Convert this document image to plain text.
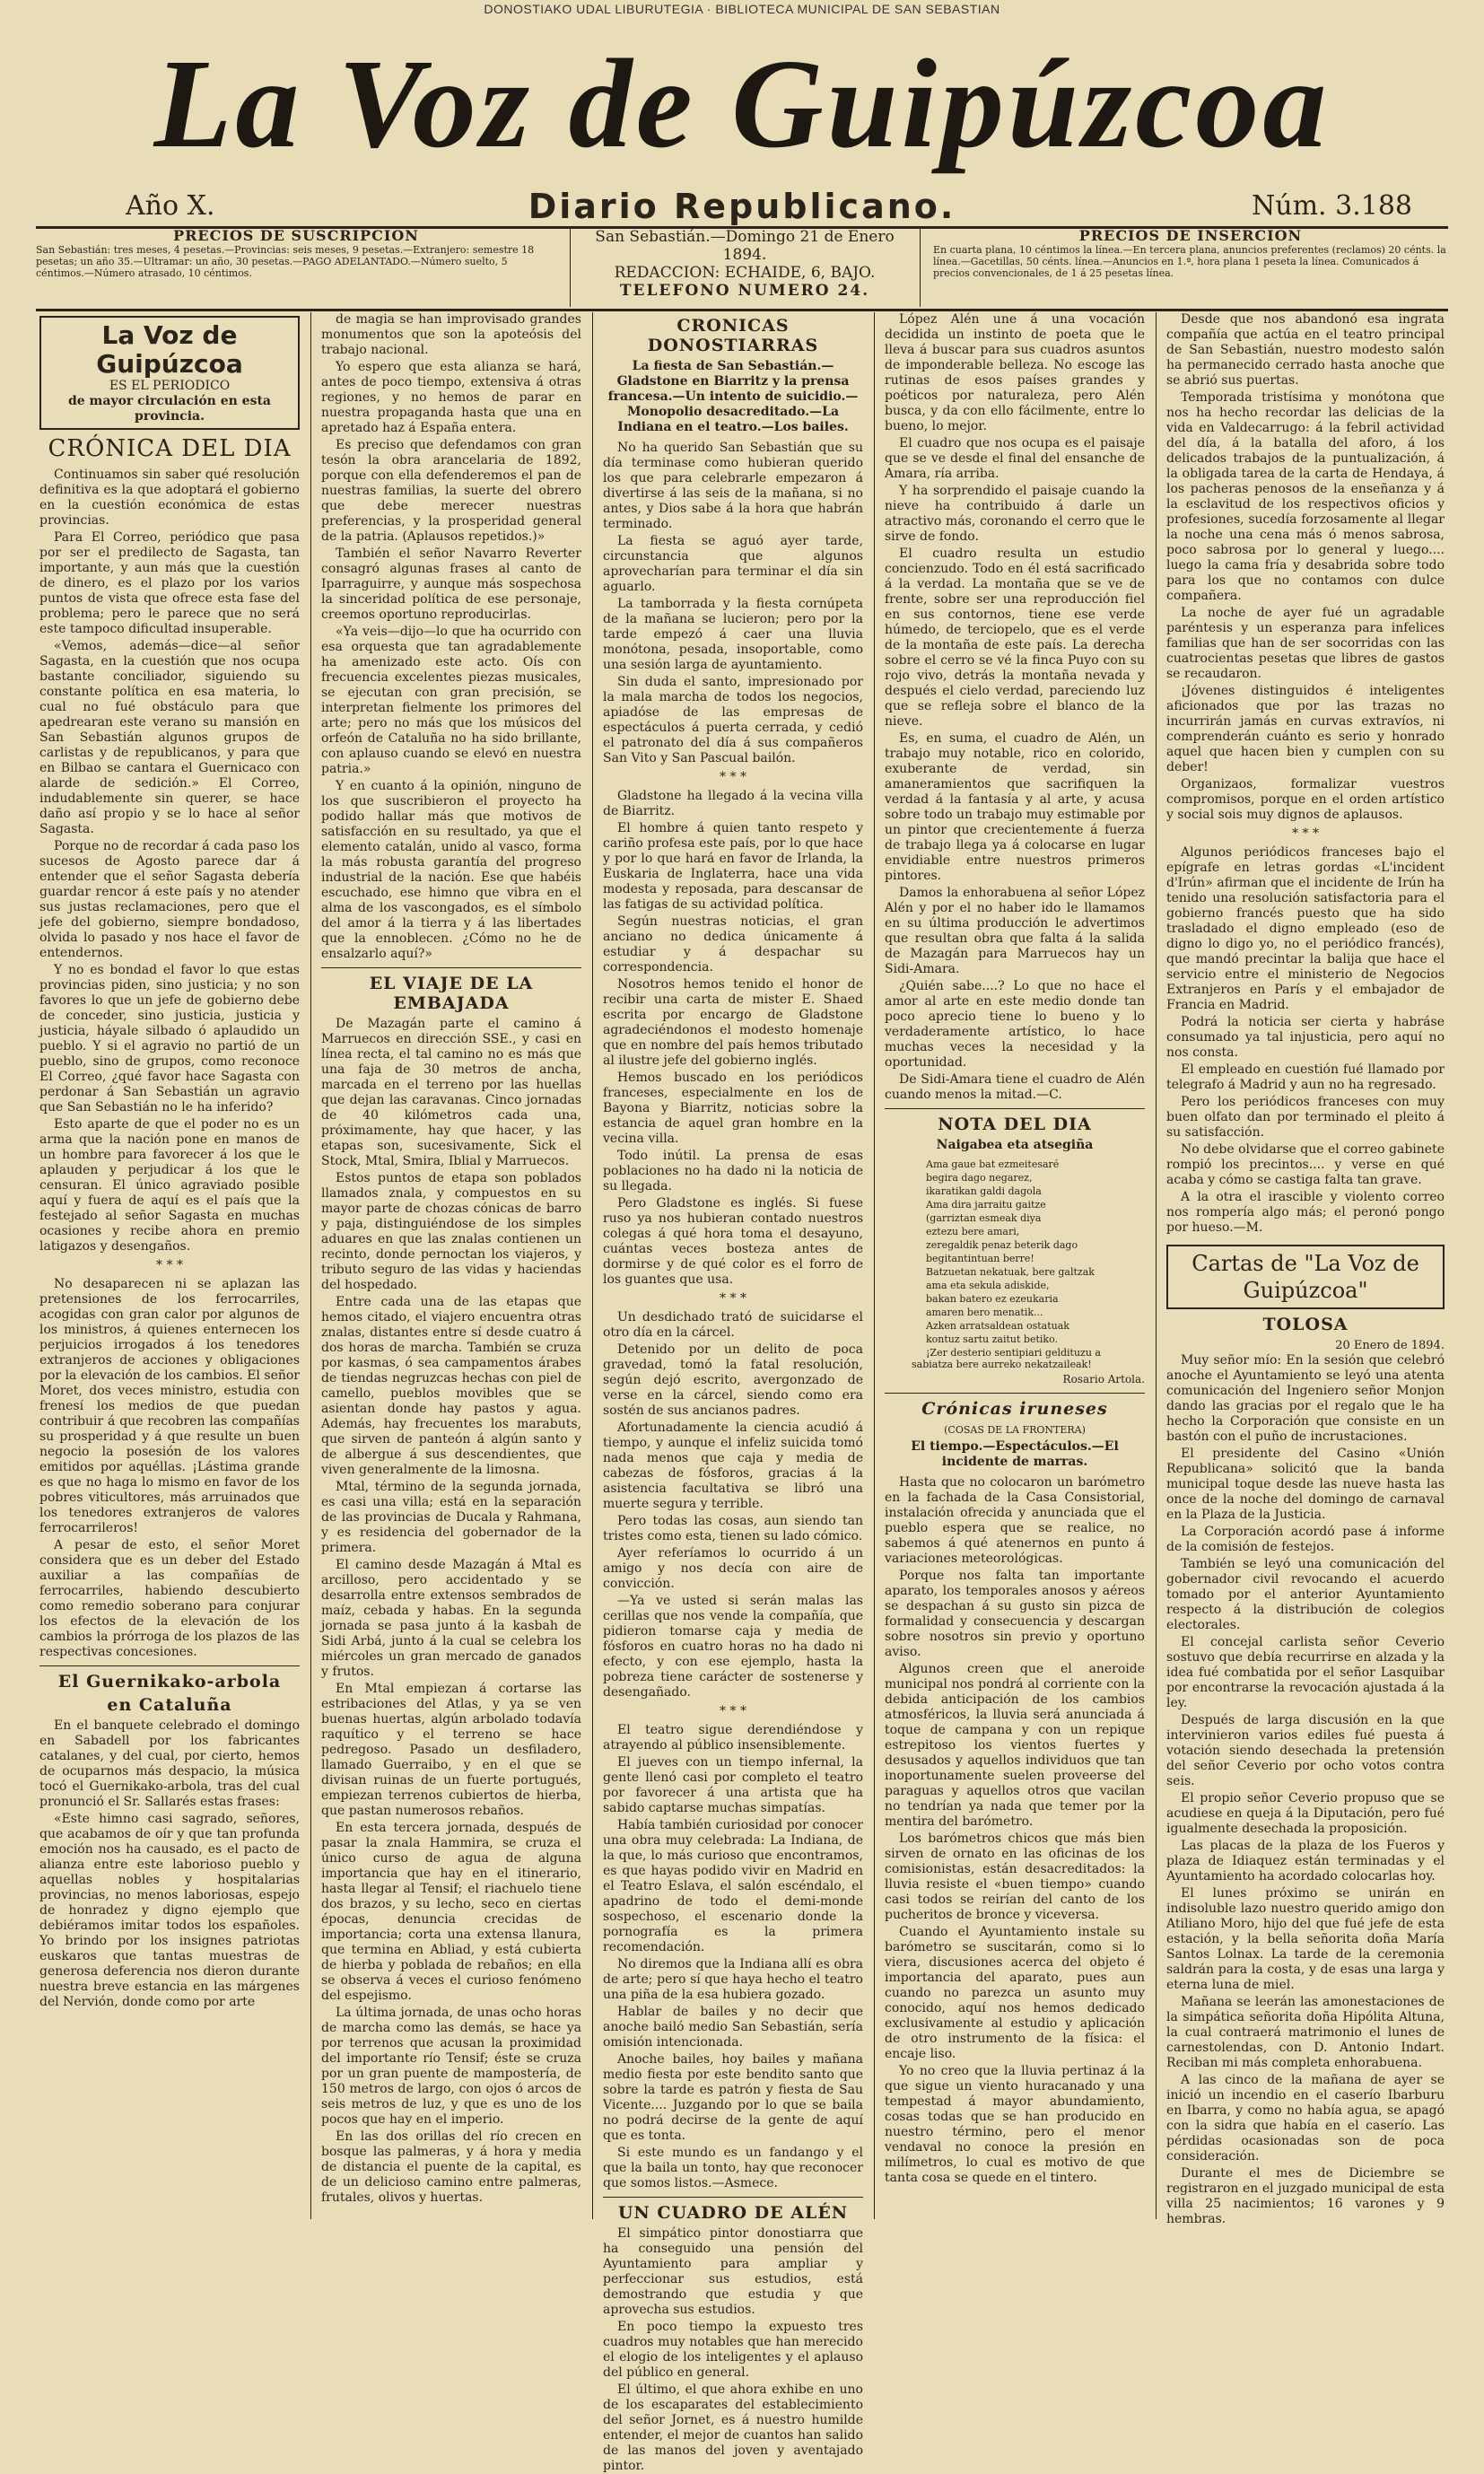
DONOSTIAKO UDAL LIBURUTEGIA · BIBLIOTECA MUNICIPAL DE SAN SEBASTIAN
La Voz de Guipúzcoa
Año X.	Diario Republicano.	Núm. 3.188
PRECIOS DE SUSCRIPCION
San Sebastián: tres meses, 4 pesetas.—Provincias: seis meses, 9 pesetas.—Extranjero: semestre 18 pesetas; un año 35.—Ultramar: un año, 30 pesetas.—PAGO ADELANTADO.—Número suelto, 5 céntimos.—Número atrasado, 10 céntimos.
San Sebastián.—Domingo 21 de Enero 1894.
REDACCION: ECHAIDE, 6, BAJO.
TELEFONO NUMERO 24.
PRECIOS DE INSERCION
En cuarta plana, 10 céntimos la línea.—En tercera plana, anuncios preferentes (reclamos) 20 cénts. la línea.—Gacetillas, 50 cénts. línea.—Anuncios en 1.ª, hora plana 1 peseta la línea. Comunicados á precios convencionales, de 1 á 25 pesetas línea.
La Voz de Guipúzcoa
ES EL PERIODICO
de mayor circulación en esta provincia.
CRÓNICA DEL DIA

Continuamos sin saber qué resolución definitiva es la que adoptará el gobierno en la cuestión económica de estas provincias.

Para El Correo, periódico que pasa por ser el predilecto de Sagasta, tan importante, y aun más que la cuestión de dinero, es el plazo por los varios puntos de vista que ofrece esta fase del problema; pero le parece que no será este tampoco dificultad insuperable.

«Vemos, además—dice—al señor Sagasta, en la cuestión que nos ocupa bastante conciliador, siguiendo su constante política en esa materia, lo cual no fué obstáculo para que apedrearan este verano su mansión en San Sebastián algunos grupos de carlistas y de republicanos, y para que en Bilbao se cantara el Guernicaco con alarde de sedición.» El Correo, indudablemente sin querer, se hace daño así propio y se lo hace al señor Sagasta.

Porque no de recordar á cada paso los sucesos de Agosto parece dar á entender que el señor Sagasta debería guardar rencor á este país y no atender sus justas reclamaciones, pero que el jefe del gobierno, siempre bondadoso, olvida lo pasado y nos hace el favor de entendernos.

Y no es bondad el favor lo que estas provincias piden, sino justicia; y no son favores lo que un jefe de gobierno debe de conceder, sino justicia, justicia y justicia, háyale silbado ó aplaudido un pueblo. Y si el agravio no partió de un pueblo, sino de grupos, como reconoce El Correo, ¿qué favor hace Sagasta con perdonar á San Sebastián un agravio que San Sebastián no le ha inferido?

Esto aparte de que el poder no es un arma que la nación pone en manos de un hombre para favorecer á los que le aplauden y perjudicar á los que le censuran. El único agraviado posible aquí y fuera de aquí es el país que la festejado al señor Sagasta en muchas ocasiones y recibe ahora en premio latigazos y desengaños.

* * *

No desaparecen ni se aplazan las pretensiones de los ferrocarriles, acogidas con gran calor por algunos de los ministros, á quienes enternecen los perjuicios irrogados á los tenedores extranjeros de acciones y obligaciones por la elevación de los cambios. El señor Moret, dos veces ministro, estudia con frenesí los medios de que puedan contribuir á que recobren las compañías su prosperidad y á que resulte un buen negocio la posesión de los valores emitidos por aquéllas. ¡Lástima grande es que no haga lo mismo en favor de los pobres viticultores, más arruinados que los tenedores extranjeros de valores ferrocarrileros!

A pesar de esto, el señor Moret considera que es un deber del Estado auxiliar a las compañías de ferrocarriles, habiendo descubierto como remedio soberano para conjurar los efectos de la elevación de los cambios la prórroga de los plazos de las respectivas concesiones.

El Guernikako-arbola
en Cataluña

En el banquete celebrado el domingo en Sabadell por los fabricantes catalanes, y del cual, por cierto, hemos de ocuparnos más despacio, la música tocó el Guernikako-arbola, tras del cual pronunció el Sr. Sallarés estas frases:

«Este himno casi sagrado, señores, que acabamos de oír y que tan profunda emoción nos ha causado, es el pacto de alianza entre este laborioso pueblo y aquellas nobles y hospitalarias provincias, no menos laboriosas, espejo de honradez y digno ejemplo que debiéramos imitar todos los españoles. Yo brindo por los insignes patriotas euskaros que tantas muestras de generosa deferencia nos dieron durante nuestra breve estancia en las márgenes del Nervión, donde como por arte

de magia se han improvisado grandes monumentos que son la apoteósis del trabajo nacional.

Yo espero que esta alianza se hará, antes de poco tiempo, extensiva á otras regiones, y no hemos de parar en nuestra propaganda hasta que una en apretado haz á España entera.

Es preciso que defendamos con gran tesón la obra arancelaria de 1892, porque con ella defenderemos el pan de nuestras familias, la suerte del obrero que debe merecer nuestras preferencias, y la prosperidad general de la patria. (Aplausos repetidos.)»

También el señor Navarro Reverter consagró algunas frases al canto de Iparraguirre, y aunque más sospechosa la sinceridad política de ese personaje, creemos oportuno reproducirlas.

«Ya veis—dijo—lo que ha ocurrido con esa orquesta que tan agradablemente ha amenizado este acto. Oís con frecuencia excelentes piezas musicales, se ejecutan con gran precisión, se interpretan fielmente los primores del arte; pero no más que los músicos del orfeón de Cataluña no ha sido brillante, con aplauso cuando se elevó en nuestra patria.»

Y en cuanto á la opinión, ninguno de los que suscribieron el proyecto ha podido hallar más que motivos de satisfacción en su resultado, ya que el elemento catalán, unido al vasco, forma la más robusta garantía del progreso industrial de la nación. Ese que habéis escuchado, ese himno que vibra en el alma de los vascongados, es el símbolo del amor á la tierra y á las libertades que la ennoblecen. ¿Cómo no he de ensalzarlo aquí?»

EL VIAJE DE LA EMBAJADA

De Mazagán parte el camino á Marruecos en dirección SSE., y casi en línea recta, el tal camino no es más que una faja de 30 metros de ancha, marcada en el terreno por las huellas que dejan las caravanas. Cinco jornadas de 40 kilómetros cada una, próximamente, hay que hacer, y las etapas son, sucesivamente, Sick el Stock, Mtal, Smira, Iblial y Marruecos.

Estos puntos de etapa son poblados llamados znala, y compuestos en su mayor parte de chozas cónicas de barro y paja, distinguiéndose de los simples aduares en que las znalas contienen un recinto, donde pernoctan los viajeros, y tributo seguro de las vidas y haciendas del hospedado.

Entre cada una de las etapas que hemos citado, el viajero encuentra otras znalas, distantes entre sí desde cuatro á dos horas de marcha. También se cruza por kasmas, ó sea campamentos árabes de tiendas negruzcas hechas con piel de camello, pueblos movibles que se asientan donde hay pastos y agua. Además, hay frecuentes los marabuts, que sirven de panteón á algún santo y de albergue á sus descendientes, que viven generalmente de la limosna.

Mtal, término de la segunda jornada, es casi una villa; está en la separación de las provincias de Ducala y Rahmana, y es residencia del gobernador de la primera.

El camino desde Mazagán á Mtal es arcilloso, pero accidentado y se desarrolla entre extensos sembrados de maíz, cebada y habas. En la segunda jornada se pasa junto á la kasbah de Sidi Arbá, junto á la cual se celebra los miércoles un gran mercado de ganados y frutos.

En Mtal empiezan á cortarse las estribaciones del Atlas, y ya se ven buenas huertas, algún arbolado todavía raquítico y el terreno se hace pedregoso. Pasado un desfiladero, llamado Guerraibo, y en el que se divisan ruinas de un fuerte portugués, empiezan terrenos cubiertos de hierba, que pastan numerosos rebaños.

En esta tercera jornada, después de pasar la znala Hammira, se cruza el único curso de agua de alguna importancia que hay en el itinerario, hasta llegar al Tensif; el riachuelo tiene dos brazos, y su lecho, seco en ciertas épocas, denuncia crecidas de importancia; corta una extensa llanura, que termina en Abliad, y está cubierta de hierba y poblada de rebaños; en ella se observa á veces el curioso fenómeno del espejismo.

La última jornada, de unas ocho horas de marcha como las demás, se hace ya por terrenos que acusan la proximidad del importante río Tensif; éste se cruza por un gran puente de mampostería, de 150 metros de largo, con ojos ó arcos de seis metros de luz, y que es uno de los pocos que hay en el imperio.

En las dos orillas del río crecen en bosque las palmeras, y á hora y media de distancia el puente de la capital, es de un delicioso camino entre palmeras, frutales, olivos y huertas.

CRONICAS DONOSTIARRAS
La fiesta de San Sebastián.—Gladstone en Biarritz y la prensa francesa.—Un intento de suicidio.—Monopolio desacreditado.—La Indiana en el teatro.—Los bailes.

No ha querido San Sebastián que su día terminase como hubieran querido los que para celebrarle empezaron á divertirse á las seis de la mañana, si no antes, y Dios sabe á la hora que habrán terminado.

La fiesta se aguó ayer tarde, circunstancia que algunos aprovecharían para terminar el día sin aguarlo.

La tamborrada y la fiesta cornúpeta de la mañana se lucieron; pero por la tarde empezó á caer una lluvia monótona, pesada, insoportable, como una sesión larga de ayuntamiento.

Sin duda el santo, impresionado por la mala marcha de todos los negocios, apiadóse de las empresas de espectáculos á puerta cerrada, y cedió el patronato del día á sus compañeros San Vito y San Pascual bailón.

* * *

Gladstone ha llegado á la vecina villa de Biarritz.

El hombre á quien tanto respeto y cariño profesa este país, por lo que hace y por lo que hará en favor de Irlanda, la Euskaria de Inglaterra, hace una vida modesta y reposada, para descansar de las fatigas de su actividad política.

Según nuestras noticias, el gran anciano no dedica únicamente á estudiar y á despachar su correspondencia.

Nosotros hemos tenido el honor de recibir una carta de mister E. Shaed escrita por encargo de Gladstone agradeciéndonos el modesto homenaje que en nombre del país hemos tributado al ilustre jefe del gobierno inglés.

Hemos buscado en los periódicos franceses, especialmente en los de Bayona y Biarritz, noticias sobre la estancia de aquel gran hombre en la vecina villa.

Todo inútil. La prensa de esas poblaciones no ha dado ni la noticia de su llegada.

Pero Gladstone es inglés. Si fuese ruso ya nos hubieran contado nuestros colegas á qué hora toma el desayuno, cuántas veces bosteza antes de dormirse y de qué color es el forro de los guantes que usa.

* * *

Un desdichado trató de suicidarse el otro día en la cárcel.

Detenido por un delito de poca gravedad, tomó la fatal resolución, según dejó escrito, avergonzado de verse en la cárcel, siendo como era sostén de sus ancianos padres.

Afortunadamente la ciencia acudió á tiempo, y aunque el infeliz suicida tomó nada menos que caja y media de cabezas de fósforos, gracias á la asistencia facultativa se libró una muerte segura y terrible.

Pero todas las cosas, aun siendo tan tristes como esta, tienen su lado cómico.

Ayer referíamos lo ocurrido á un amigo y nos decía con aire de convicción.

—Ya ve usted si serán malas las cerillas que nos vende la compañía, que pidieron tomarse caja y media de fósforos en cuatro horas no ha dado ni efecto, y con ese ejemplo, hasta la pobreza tiene carácter de sostenerse y desengañado.

* * *

El teatro sigue derendiéndose y atrayendo al público insensiblemente.

El jueves con un tiempo infernal, la gente llenó casi por completo el teatro por favorecer á una artista que ha sabido captarse muchas simpatías.

Había también curiosidad por conocer una obra muy celebrada: La Indiana, de la que, lo más curioso que encontramos, es que hayas podido vivir en Madrid en el Teatro Eslava, el salón escéndalo, el apadrino de todo el demi-monde sospechoso, el escenario donde la pornografía es la primera recomendación.

No diremos que la Indiana allí es obra de arte; pero sí que haya hecho el teatro una piña de la esa hubiera gozado.

Hablar de bailes y no decir que anoche bailó medio San Sebastián, sería omisión intencionada.

Anoche bailes, hoy bailes y mañana medio fiesta por este bendito santo que sobre la tarde es patrón y fiesta de Sau Vicente.... Juzgando por lo que se baila no podrá decirse de la gente de aquí que es tonta.

Si este mundo es un fandango y el que la baila un tonto, hay que reconocer que somos listos.—Asmece.

UN CUADRO DE ALÉN

El simpático pintor donostiarra que ha conseguido una pensión del Ayuntamiento para ampliar y perfeccionar sus estudios, está demostrando que estudia y que aprovecha sus estudios.

En poco tiempo la expuesto tres cuadros muy notables que han merecido el elogio de los inteligentes y el aplauso del público en general.

El último, el que ahora exhibe en uno de los escaparates del establecimiento del señor Jornet, es á nuestro humilde entender, el mejor de cuantos han salido de las manos del joven y aventajado pintor.

López Alén une á una vocación decidida un instinto de poeta que le lleva á buscar para sus cuadros asuntos de imponderable belleza. No escoge las rutinas de esos países grandes y poéticos por naturaleza, pero Alén busca, y da con ello fácilmente, entre lo bueno, lo mejor.

El cuadro que nos ocupa es el paisaje que se ve desde el final del ensanche de Amara, ría arriba.

Y ha sorprendido el paisaje cuando la nieve ha contribuido á darle un atractivo más, coronando el cerro que le sirve de fondo.

El cuadro resulta un estudio concienzudo. Todo en él está sacrificado á la verdad. La montaña que se ve de frente, sobre ser una reproducción fiel en sus contornos, tiene ese verde húmedo, de terciopelo, que es el verde de la montaña de este país. La derecha sobre el cerro se vé la finca Puyo con su rojo vivo, detrás la montaña nevada y después el cielo verdad, pareciendo luz que se refleja sobre el blanco de la nieve.

Es, en suma, el cuadro de Alén, un trabajo muy notable, rico en colorido, exuberante de verdad, sin amaneramientos que sacrifiquen la verdad á la fantasía y al arte, y acusa sobre todo un trabajo muy estimable por un pintor que crecientemente á fuerza de trabajo llega ya á colocarse en lugar envidiable entre nuestros primeros pintores.

Damos la enhorabuena al señor López Alén y por el no haber ido le llamamos en su última producción le advertimos que resultan obra que falta á la salida de Mazagán para Marruecos hay un Sidi-Amara.

¿Quién sabe....? Lo que no hace el amor al arte en este medio donde tan poco aprecio tiene lo bueno y lo verdaderamente artístico, lo hace muchas veces la necesidad y la oportunidad.

De Sidi-Amara tiene el cuadro de Alén cuando menos la mitad.—C.

NOTA DEL DIA
Naigabea eta atsegiña

Ama gaue bat ezmeitesaré

begira dago negarez,

ikaratikan galdi dagola

Ama dira jarraitu gaitze

(garriztan esmeak diya

eztezu bere amari,

zeregaldik penaz beterik dago

begitantintuan berre!

Batzuetan nekatuak, bere galtzak

ama eta sekula adiskide,

bakan batero ez ezeukaria

amaren bero menatik...

Azken arratsaldean ostatuak

kontuz sartu zaitut betiko.

¡Zer desterio sentipiari geldituzu a sabiatza bere aurreko nekatzaileak!

Rosario Artola.
Crónicas iruneses
(COSAS DE LA FRONTERA)
El tiempo.—Espectáculos.—El incidente de marras.

Hasta que no colocaron un barómetro en la fachada de la Casa Consistorial, instalación ofrecida y anunciada que el pueblo espera que se realice, no sabemos á qué atenernos en punto á variaciones meteorológicas.

Porque nos falta tan importante aparato, los temporales anosos y aéreos se despachan á su gusto sin pizca de formalidad y consecuencia y descargan sobre nosotros sin previo y oportuno aviso.

Algunos creen que el aneroide municipal nos pondrá al corriente con la debida anticipación de los cambios atmosféricos, la lluvia será anunciada á toque de campana y con un repique estrepitoso los vientos fuertes y desusados y aquellos individuos que tan inoportunamente suelen proveerse del paraguas y aquellos otros que vacilan no tendrían ya nada que temer por la mentira del barómetro.

Los barómetros chicos que más bien sirven de ornato en las oficinas de los comisionistas, están desacreditados: la lluvia resiste el «buen tiempo» cuando casi todos se reirían del canto de los pucheritos de bronce y viceversa.

Cuando el Ayuntamiento instale su barómetro se suscitarán, como si lo viera, discusiones acerca del objeto é importancia del aparato, pues aun cuando no parezca un asunto muy conocido, aquí nos hemos dedicado exclusivamente al estudio y aplicación de otro instrumento de la física: el encaje liso.

Yo no creo que la lluvia pertinaz á la que sigue un viento huracanado y una tempestad á mayor abundamiento, cosas todas que se han producido en nuestro término, pero el menor vendaval no conoce la presión en milímetros, lo cual es motivo de que tanta cosa se quede en el tintero.

Desde que nos abandonó esa ingrata compañía que actúa en el teatro principal de San Sebastián, nuestro modesto salón ha permanecido cerrado hasta anoche que se abrió sus puertas.

Temporada tristísima y monótona que nos ha hecho recordar las delicias de la vida en Valdecarrugo: á la febril actividad del día, á la batalla del aforo, á los delicados trabajos de la puntualización, á la obligada tarea de la carta de Hendaya, á los pacheras penosos de la enseñanza y á la esclavitud de los respectivos oficios y profesiones, sucedía forzosamente al llegar la noche una cena más ó menos sabrosa, poco sabrosa por lo general y luego.... luego la cama fría y desabrida sobre todo para los que no contamos con dulce compañera.

La noche de ayer fué un agradable paréntesis y un esperanza para infelices familias que han de ser socorridas con las cuatrocientas pesetas que libres de gastos se recaudaron.

¡Jóvenes distinguidos é inteligentes aficionados que por las trazas no incurrirán jamás en curvas extravíos, ni comprenderán cuánto es serio y honrado aquel que hacen bien y cumplen con su deber!

Organizaos, formalizar vuestros compromisos, porque en el orden artístico y social sois muy dignos de aplausos.

* * *

Algunos periódicos franceses bajo el epígrafe en letras gordas «L'incident d'Irún» afirman que el incidente de Irún ha tenido una resolución satisfactoria para el gobierno francés puesto que ha sido trasladado el digno empleado (eso de digno lo digo yo, no el periódico francés), que mandó precintar la balija que hace el servicio entre el ministerio de Negocios Extranjeros en París y el embajador de Francia en Madrid.

Podrá la noticia ser cierta y habráse consumado ya tal injusticia, pero aquí no nos consta.

El empleado en cuestión fué llamado por telegrafo á Madrid y aun no ha regresado.

Pero los periódicos franceses con muy buen olfato dan por terminado el pleito á su satisfacción.

No debe olvidarse que el correo gabinete rompió los precintos.... y verse en qué acaba y cómo se castiga falta tan grave.

A la otra el irascible y violento correo nos rompería algo más; el peronó pongo por hueso.—M.

Cartas de "La Voz de Guipúzcoa"
TOLOSA
20 Enero de 1894.

Muy señor mío: En la sesión que celebró anoche el Ayuntamiento se leyó una atenta comunicación del Ingeniero señor Monjon dando las gracias por el regalo que le ha hecho la Corporación que consiste en un bastón con el puño de incrustaciones.

El presidente del Casino «Unión Republicana» solicitó que la banda municipal toque desde las nueve hasta las once de la noche del domingo de carnaval en la Plaza de la Justicia.

La Corporación acordó pase á informe de la comisión de festejos.

También se leyó una comunicación del gobernador civil revocando el acuerdo tomado por el anterior Ayuntamiento respecto á la distribución de colegios electorales.

El concejal carlista señor Ceverio sostuvo que debía recurrirse en alzada y la idea fué combatida por el señor Lasquibar por encontrarse la revocación ajustada á la ley.

Después de larga discusión en la que intervinieron varios ediles fué puesta á votación siendo desechada la pretensión del señor Ceverio por ocho votos contra seis.

El propio señor Ceverio propuso que se acudiese en queja á la Diputación, pero fué igualmente desechada la proposición.

Las placas de la plaza de los Fueros y plaza de Idiaquez están terminadas y el Ayuntamiento ha acordado colocarlas hoy.

El lunes próximo se unirán en indisoluble lazo nuestro querido amigo don Atiliano Moro, hijo del que fué jefe de esta estación, y la bella señorita doña María Santos Lolnax. La tarde de la ceremonia saldrán para la costa, y de esas una larga y eterna luna de miel.

Mañana se leerán las amonestaciones de la simpática señorita doña Hipólita Altuna, la cual contraerá matrimonio el lunes de carnestolendas, con D. Antonio Indart. Reciban mi más completa enhorabuena.

A las cinco de la mañana de ayer se inició un incendio en el caserío Ibarburu en Ibarra, y como no había agua, se apagó con la sidra que había en el caserío. Las pérdidas ocasionadas son de poca consideración.

Durante el mes de Diciembre se registraron en el juzgado municipal de esta villa 25 nacimientos; 16 varones y 9 hembras.
